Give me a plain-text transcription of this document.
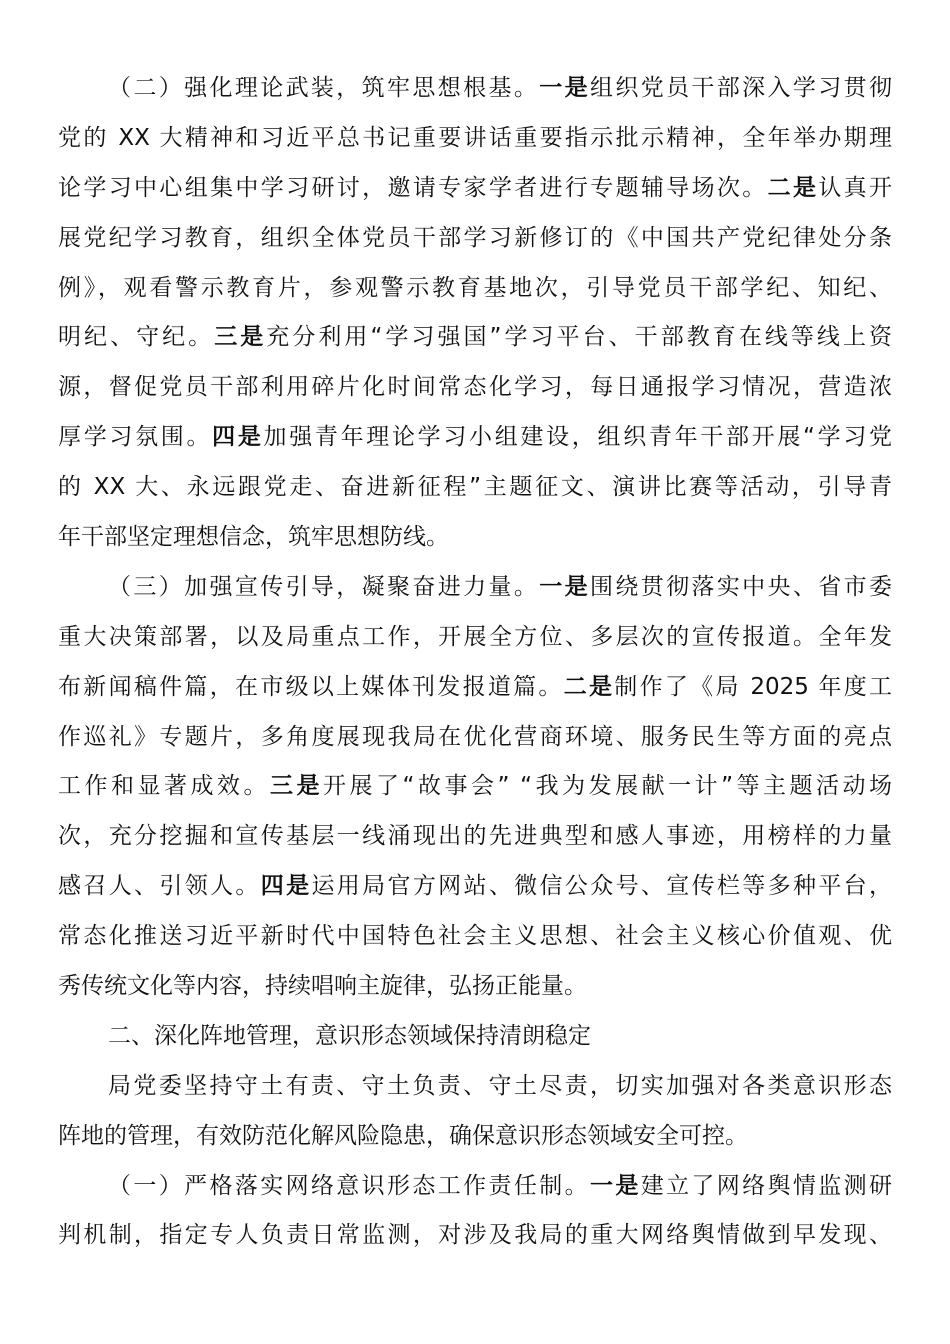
（二）强化理论武装，筑牢思想根基。一是组织党员干部深入学习贯彻
党的 XX 大精神和习近平总书记重要讲话重要指示批示精神，全年举办期理
论学习中心组集中学习研讨，邀请专家学者进行专题辅导场次。二是认真开
展党纪学习教育，组织全体党员干部学习新修订的《中国共产党纪律处分条
例》，观看警示教育片，参观警示教育基地次，引导党员干部学纪、知纪、
明纪、守纪。三是充分利用“学习强国”学习平台、干部教育在线等线上资
源，督促党员干部利用碎片化时间常态化学习，每日通报学习情况，营造浓
厚学习氛围。四是加强青年理论学习小组建设，组织青年干部开展“学习党
的 XX 大、永远跟党走、奋进新征程”主题征文、演讲比赛等活动，引导青
年干部坚定理想信念，筑牢思想防线。
（三）加强宣传引导，凝聚奋进力量。一是围绕贯彻落实中央、省市委
重大决策部署，以及局重点工作，开展全方位、多层次的宣传报道。全年发
布新闻稿件篇，在市级以上媒体刊发报道篇。二是制作了《局 2025 年度工
作巡礼》专题片，多角度展现我局在优化营商环境、服务民生等方面的亮点
工作和显著成效。三是开展了“故事会” “我为发展献一计”等主题活动场
次，充分挖掘和宣传基层一线涌现出的先进典型和感人事迹，用榜样的力量
感召人、引领人。四是运用局官方网站、微信公众号、宣传栏等多种平台，
常态化推送习近平新时代中国特色社会主义思想、社会主义核心价值观、优
秀传统文化等内容，持续唱响主旋律，弘扬正能量。
二、深化阵地管理，意识形态领域保持清朗稳定
局党委坚持守土有责、守土负责、守土尽责，切实加强对各类意识形态
阵地的管理，有效防范化解风险隐患，确保意识形态领域安全可控。
（一）严格落实网络意识形态工作责任制。一是建立了网络舆情监测研
判机制，指定专人负责日常监测，对涉及我局的重大网络舆情做到早发现、
